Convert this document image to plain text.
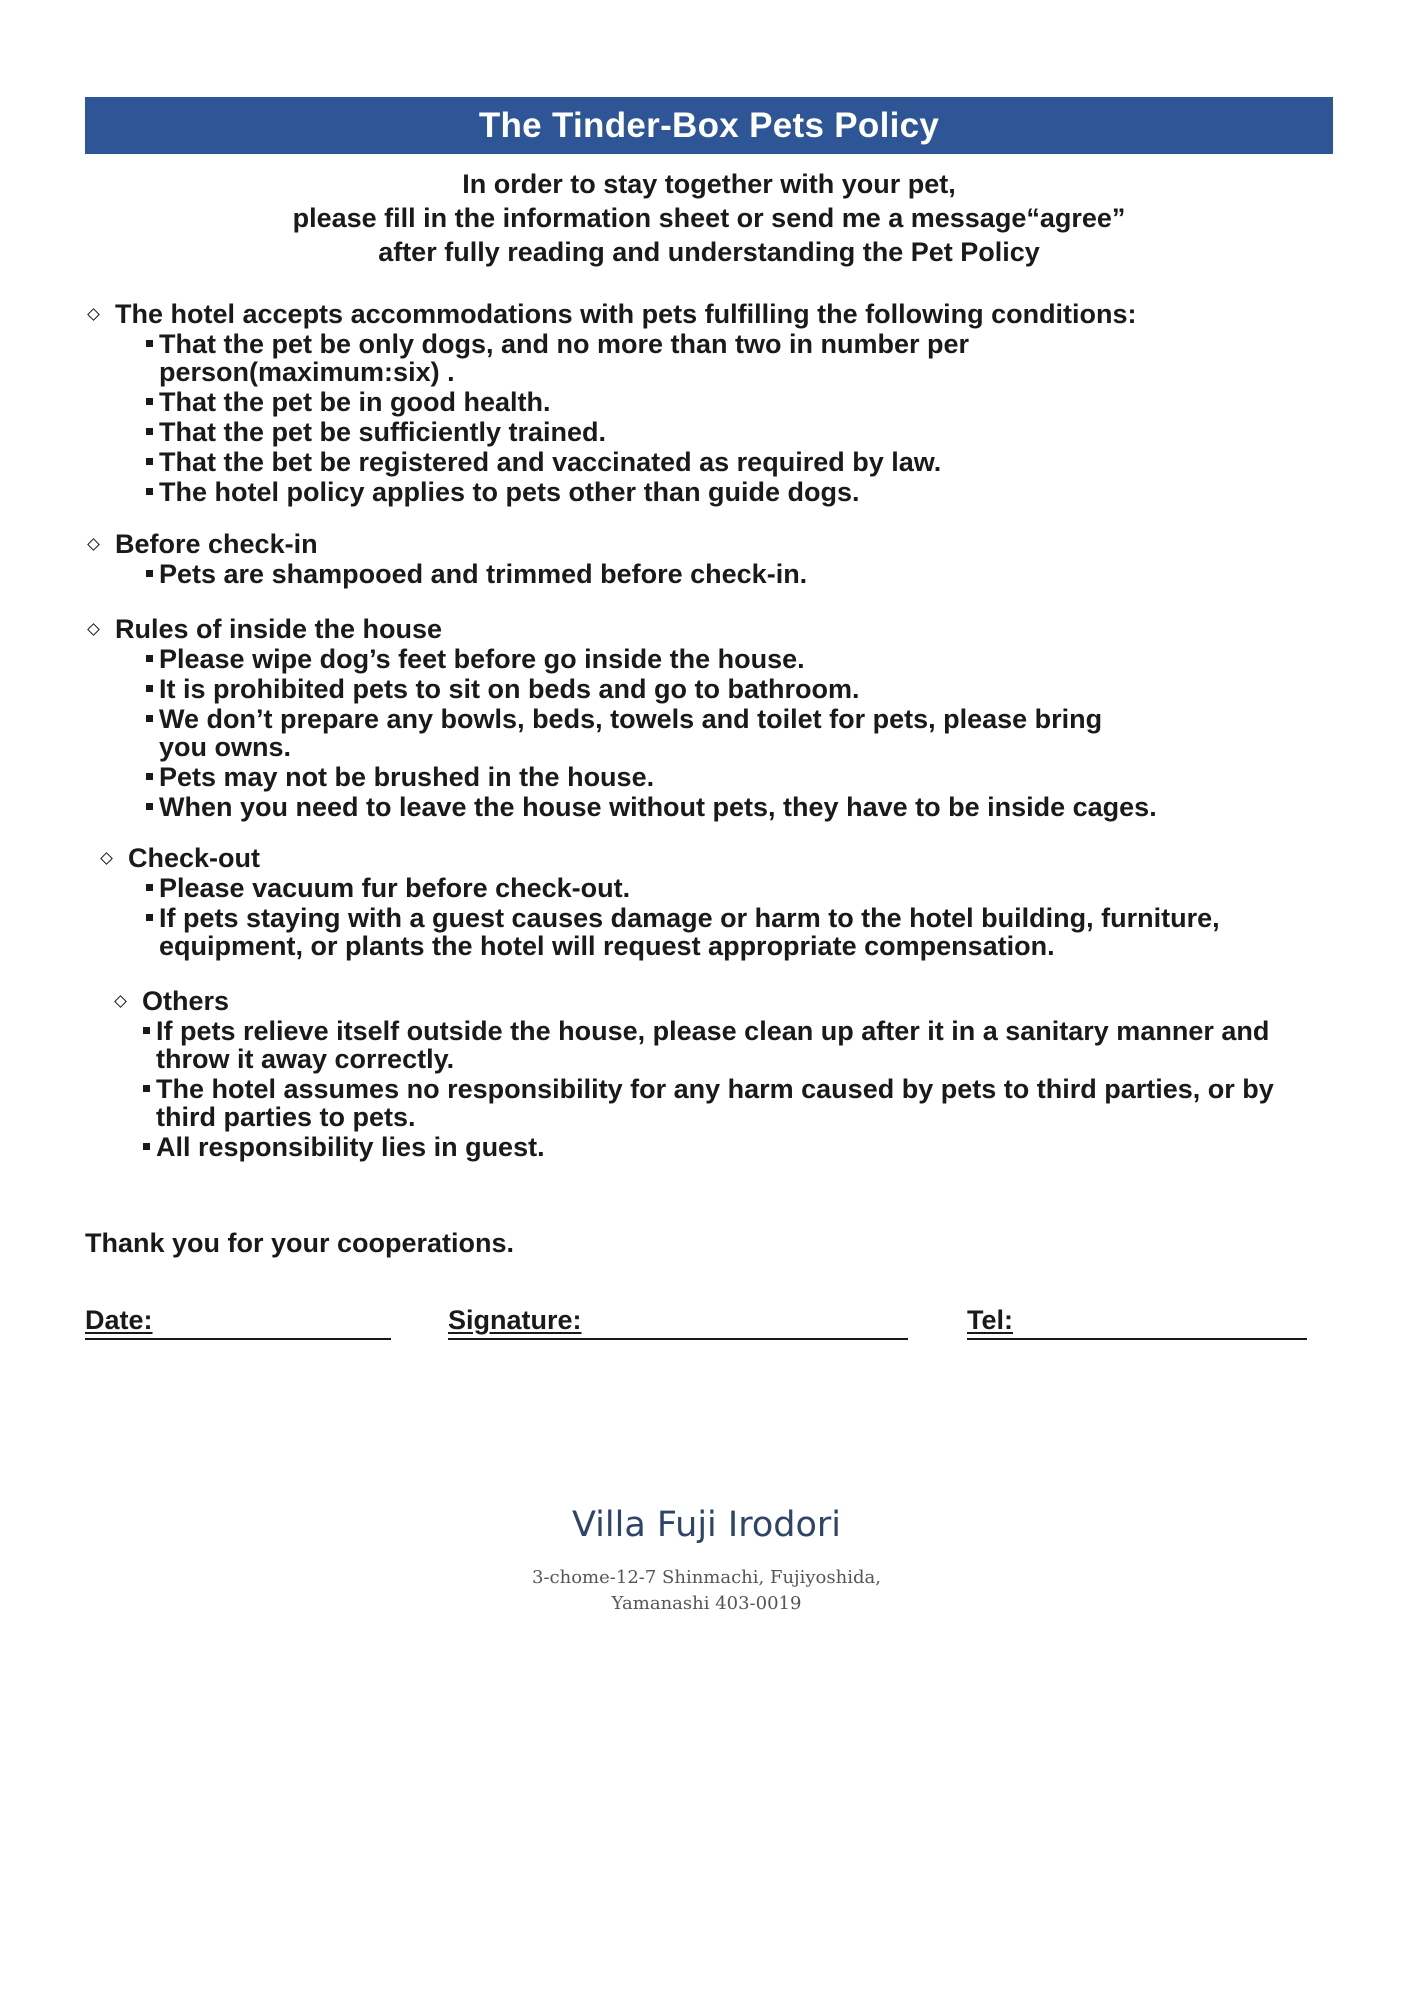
The Tinder-Box Pets Policy
In order to stay together with your pet,
please fill in the information sheet or send me a message“agree”
after fully reading and understanding the Pet Policy
The hotel accepts accommodations with pets fulfilling the following conditions:
That the pet be only dogs, and no more than two in number per person(maximum:six) .
That the pet be in good health.
That the pet be sufficiently trained.
That the bet be registered and vaccinated as required by law.
The hotel policy applies to pets other than guide dogs.
Before check-in
Pets are shampooed and trimmed before check-in.
Rules of inside the house
Please wipe dog’s feet before go inside the house.
It is prohibited pets to sit on beds and go to bathroom.
We don’t prepare any bowls, beds, towels and toilet for pets, please bring you owns.
Pets may not be brushed in the house.
When you need to leave the house without pets, they have to be inside cages.
Check-out
Please vacuum fur before check-out.
If pets staying with a guest causes damage or harm to the hotel building, furniture, equipment, or plants the hotel will request appropriate compensation.
Others
If pets relieve itself outside the house, please clean up after it in a sanitary manner and throw it away correctly.
The hotel assumes no responsibility for any harm caused by pets to third parties, or by third parties to pets.
All responsibility lies in guest.
Thank you for your cooperations.
Date:	Signature:	Tel:
Villa Fuji Irodori
3-chome-12-7 Shinmachi, Fujiyoshida,
Yamanashi 403-0019
